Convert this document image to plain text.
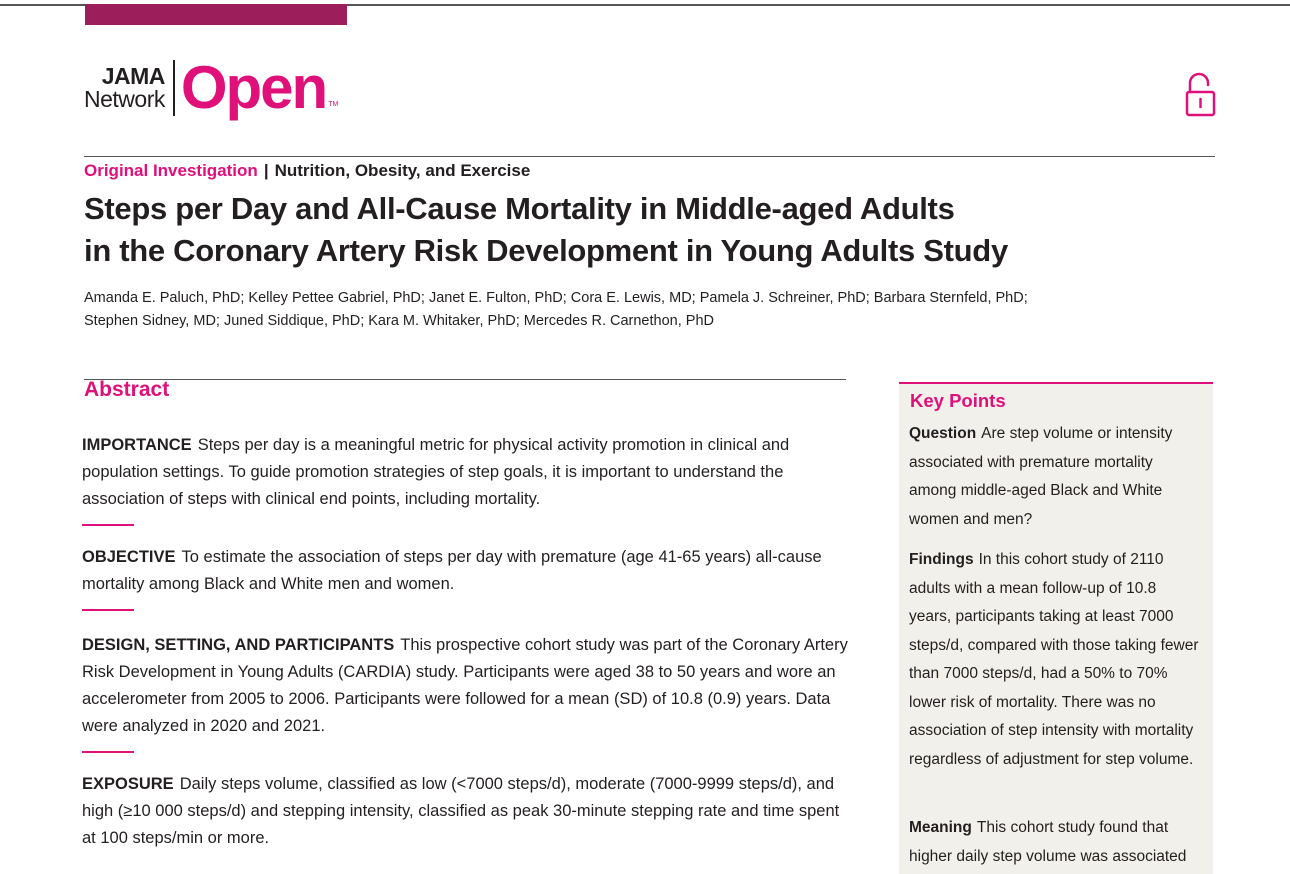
JAMA
Network Open TM
Original Investigation | Nutrition, Obesity, and Exercise
Steps per Day and All-Cause Mortality in Middle-aged Adults
in the Coronary Artery Risk Development in Young Adults Study
Amanda E. Paluch, PhD; Kelley Pettee Gabriel, PhD; Janet E. Fulton, PhD; Cora E. Lewis, MD; Pamela J. Schreiner, PhD; Barbara Sternfeld, PhD;
Stephen Sidney, MD; Juned Siddique, PhD; Kara M. Whitaker, PhD; Mercedes R. Carnethon, PhD
Abstract
IMPORTANCE Steps per day is a meaningful metric for physical activity promotion in clinical and population settings. To guide promotion strategies of step goals, it is important to understand the association of steps with clinical end points, including mortality.
OBJECTIVE To estimate the association of steps per day with premature (age 41-65 years) all-cause mortality among Black and White men and women.
DESIGN, SETTING, AND PARTICIPANTS This prospective cohort study was part of the Coronary Artery Risk Development in Young Adults (CARDIA) study. Participants were aged 38 to 50 years and wore an accelerometer from 2005 to 2006. Participants were followed for a mean (SD) of 10.8 (0.9) years. Data were analyzed in 2020 and 2021.
EXPOSURE Daily steps volume, classified as low (<7000 steps/d), moderate (7000-9999 steps/d), and high (≥10 000 steps/d) and stepping intensity, classified as peak 30-minute stepping rate and time spent at 100 steps/min or more.
Key Points
Question Are step volume or intensity associated with premature mortality among middle-aged Black and White women and men?
Findings In this cohort study of 2110 adults with a mean follow-up of 10.8 years, participants taking at least 7000 steps/d, compared with those taking fewer than 7000 steps/d, had a 50% to 70% lower risk of mortality. There was no association of step intensity with mortality regardless of adjustment for step volume.
Meaning This cohort study found that higher daily step volume was associated
